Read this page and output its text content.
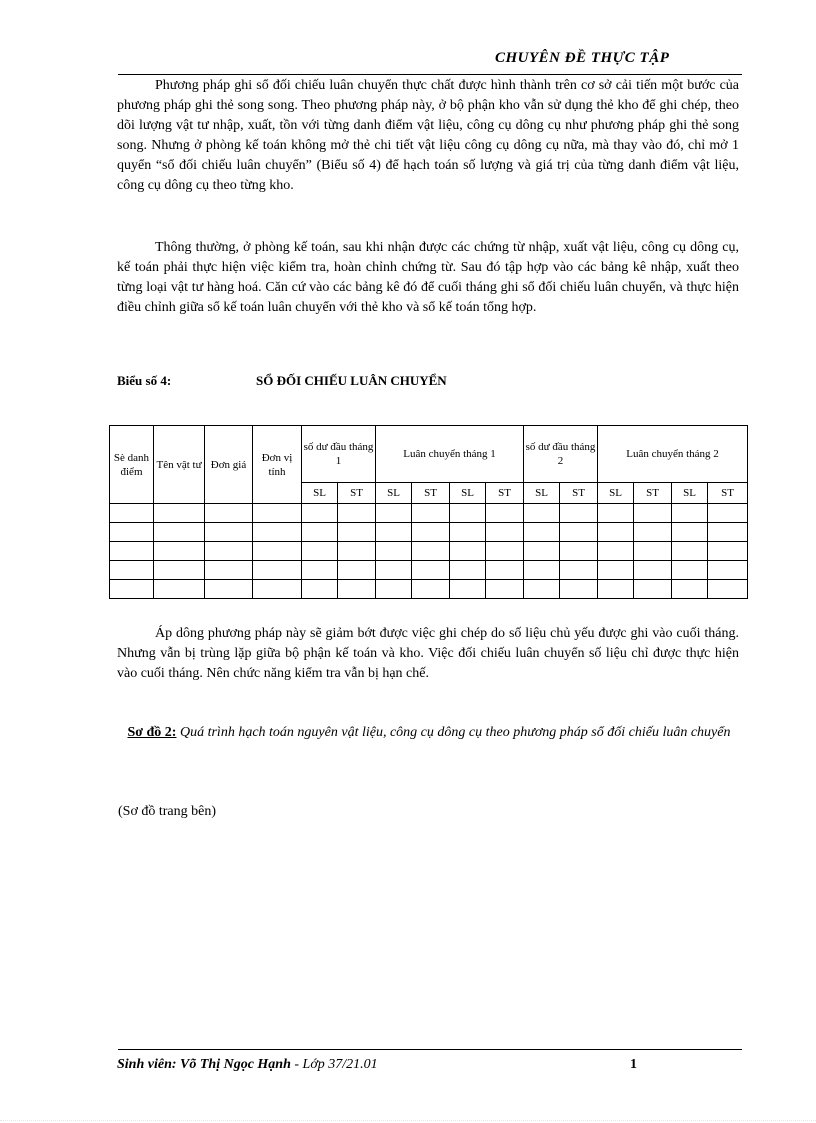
CHUYÊN ĐỀ THỰC TẬP

Phương pháp ghi sổ đối chiếu luân chuyển thực chất được hình thành trên cơ sở cải tiến một bước của phương pháp ghi thẻ song song. Theo phương pháp này, ở bộ phận kho vẫn sử dụng thẻ kho để ghi chép, theo dõi lượng vật tư nhập, xuất, tồn với từng danh điểm vật liệu, công cụ dông cụ như phương pháp ghi thẻ song song. Nhưng ở phòng kế toán không mở thẻ chi tiết vật liệu công cụ dông cụ nữa, mà thay vào đó, chỉ mở 1 quyển “sổ đối chiếu luân chuyển” (Biểu số 4) để hạch toán số lượng và giá trị của từng danh điểm vật liệu, công cụ dông cụ theo từng kho.

Thông thường, ở phòng kế toán, sau khi nhận được các chứng từ nhập, xuất vật liệu, công cụ dông cụ, kế toán phải thực hiện việc kiểm tra, hoàn chỉnh chứng từ. Sau đó tập hợp vào các bảng kê nhập, xuất theo từng loại vật tư hàng hoá. Căn cứ vào các bảng kê đó để cuối tháng ghi sổ đối chiếu luân chuyển, và thực hiện điều chỉnh giữa sổ kế toán luân chuyển với thẻ kho và sổ kế toán tổng hợp.

Biểu số 4:	SỔ ĐỐI CHIẾU LUÂN CHUYỂN
Sè danh điểm	Tên vật tư	Đơn giá	Đơn vị tính	số dư đầu tháng 1		Luân chuyển tháng 1				số dư đầu tháng 2		Luân chuyển tháng 2			
				SL	ST	SL	ST	SL	ST	SL	ST	SL	ST	SL	ST

Áp dông phương pháp này sẽ giảm bớt được việc ghi chép do số liệu chủ yếu được ghi vào cuối tháng. Nhưng vẫn bị trùng lặp giữa bộ phận kế toán và kho. Việc đối chiếu luân chuyển số liệu chỉ được thực hiện vào cuối tháng. Nên chức năng kiểm tra vẫn bị hạn chế.

Sơ đồ 2: Quá trình hạch toán nguyên vật liệu, công cụ dông cụ theo phương pháp sổ đối chiếu luân chuyển
(Sơ đồ trang bên)
Sinh viên: Võ Thị Ngọc Hạnh - Lớp 37/21.01	1
